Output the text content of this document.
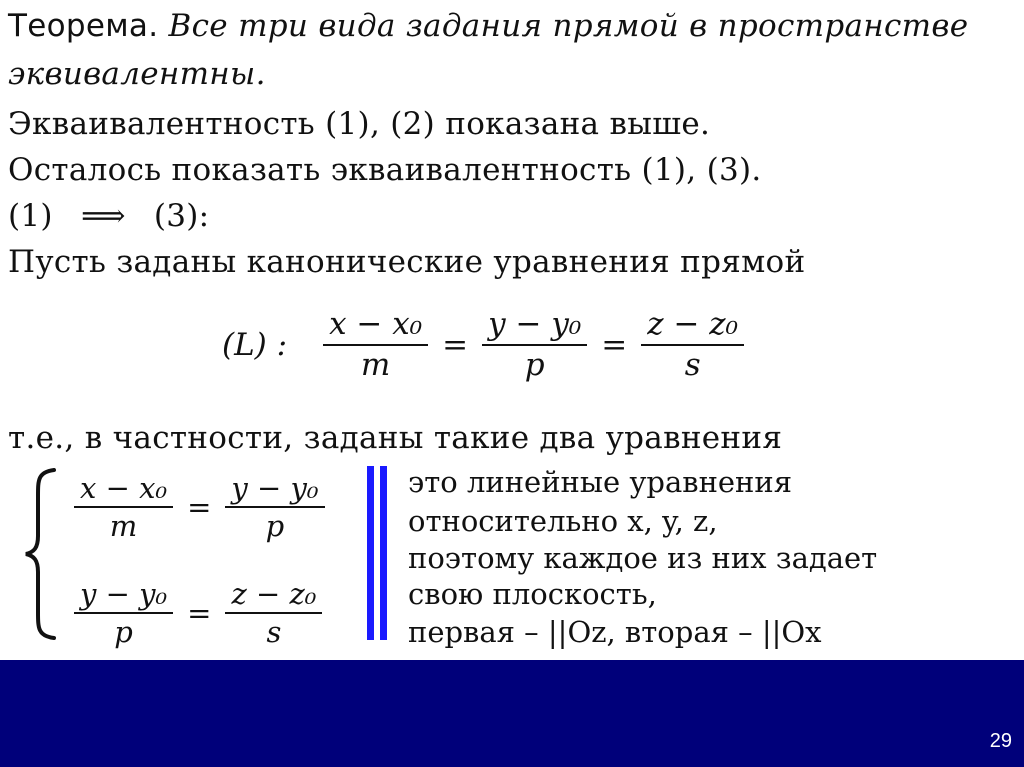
Теорема. Все три вида задания прямой в пространстве
эквивалентны.
Экваивалентность (1), (2) показана выше.
Осталось показать экваивалентность (1), (3).
(1) ⟹ (3):
Пусть заданы канонические уравнения прямой
(L) : $\frac{\text{x − x₀}}{m} = \frac{\text{y − y₀}}{p} = \frac{\text{z − z₀}}{s}$
т.е., в частности, заданы такие два уравнения
$\frac{\text{x − x₀}}{m} = \frac{\text{y − y₀}}{p}$
$\frac{\text{y − y₀}}{p} = \frac{\text{z − z₀}}{s}$
это линейные уравнения
относительно x, y, z,
поэтому каждое из них задает
свою плоскость,
первая – ||Oz, вторая – ||Ox
29
